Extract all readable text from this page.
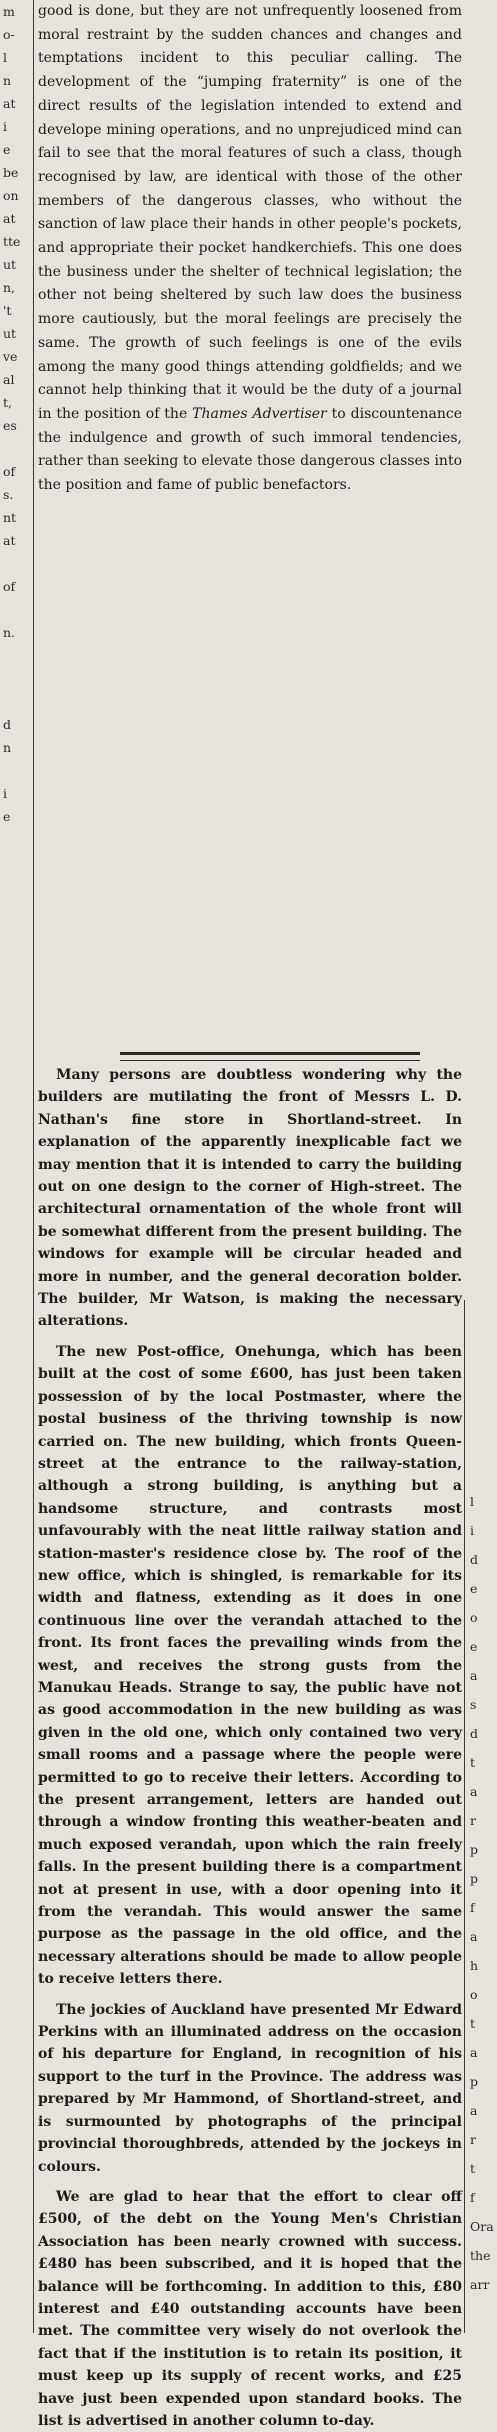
m
o-
l
n
at
i
e
be
on
at
tte
ut
n,
't
ut
ve
al
t,
es
of
s.
nt
at
of
n.
d
n
i
e

good is done, but they are not unfrequently loosened from moral restraint by the sudden chances and changes and temptations incident to this peculiar calling. The development of the “jumping fraternity” is one of the direct results of the legislation intended to extend and develope mining operations, and no unprejudiced mind can fail to see that the moral features of such a class, though recognised by law, are identical with those of the other members of the dangerous classes, who without the sanction of law place their hands in other people's pockets, and appropriate their pocket handkerchiefs. This one does the business under the shelter of technical legislation; the other not being sheltered by such law does the business more cautiously, but the moral feelings are precisely the same. The growth of such feelings is one of the evils among the many good things attending goldfields; and we cannot help thinking that it would be the duty of a journal in the position of the Thames Advertiser to discountenance the indulgence and growth of such immoral tendencies, rather than seeking to elevate those dangerous classes into the position and fame of public benefactors.

Many persons are doubtless wondering why the builders are mutilating the front of Messrs L. D. Nathan's fine store in Shortland-street. In explanation of the apparently inexplicable fact we may mention that it is intended to carry the building out on one design to the corner of High-street. The architectural ornamentation of the whole front will be somewhat different from the present building. The windows for example will be circular headed and more in number, and the general decoration bolder. The builder, Mr Watson, is making the necessary alterations.

The new Post-office, Onehunga, which has been built at the cost of some £600, has just been taken possession of by the local Postmaster, where the postal business of the thriving township is now carried on. The new building, which fronts Queen-street at the entrance to the railway-station, although a strong building, is anything but a handsome structure, and contrasts most unfavourably with the neat little railway station and station-master's residence close by. The roof of the new office, which is shingled, is remarkable for its width and flatness, extending as it does in one continuous line over the verandah attached to the front. Its front faces the prevailing winds from the west, and receives the strong gusts from the Manukau Heads. Strange to say, the public have not as good accommodation in the new building as was given in the old one, which only contained two very small rooms and a passage where the people were permitted to go to receive their letters. According to the present arrangement, letters are handed out through a window fronting this weather-beaten and much exposed verandah, upon which the rain freely falls. In the present building there is a compartment not at present in use, with a door opening into it from the verandah. This would answer the same purpose as the passage in the old office, and the necessary alterations should be made to allow people to receive letters there.

The jockies of Auckland have presented Mr Edward Perkins with an illuminated address on the occasion of his departure for England, in recognition of his support to the turf in the Province. The address was prepared by Mr Hammond, of Shortland-street, and is surmounted by photographs of the principal provincial thoroughbreds, attended by the jockeys in colours.

We are glad to hear that the effort to clear off £500, of the debt on the Young Men's Christian Association has been nearly crowned with success. £480 has been subscribed, and it is hoped that the balance will be forthcoming. In addition to this, £80 interest and £40 outstanding accounts have been met. The committee very wisely do not overlook the fact that if the institution is to retain its position, it must keep up its supply of recent works, and £25 have just been expended upon standard books. The list is advertised in another column to-day.

l
i
d
e
o
e
a
s
d
t
a
r
p
p
f
a
h
o
t
a
p
a
r
t
f
Ora
the
arr
